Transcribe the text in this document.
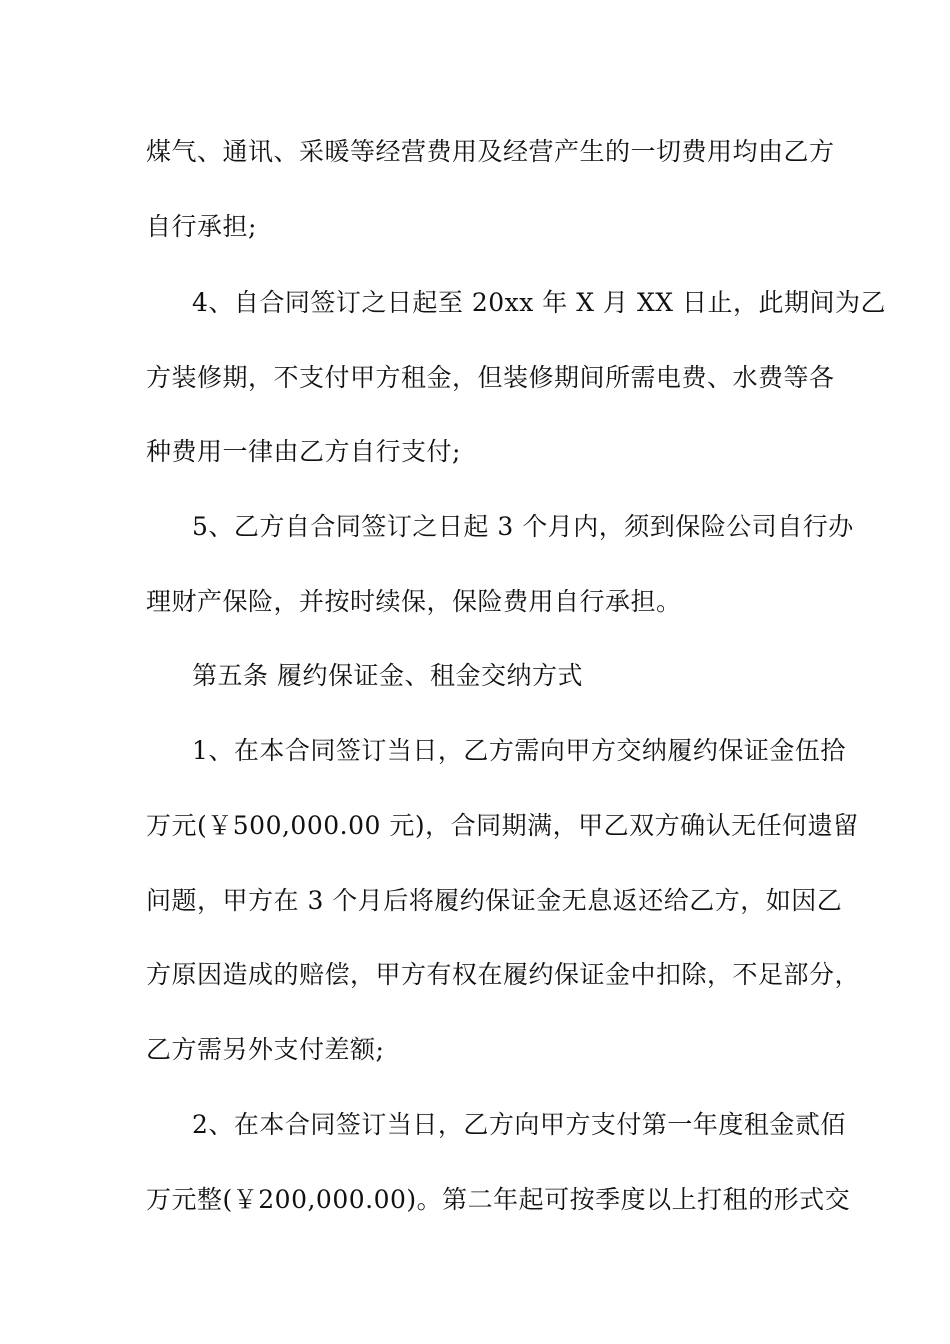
煤气、通讯、采暖等经营费用及经营产生的一切费用均由乙方
自行承担;
4、自合同签订之日起至 20xx 年 X 月 XX 日止，此期间为乙
方装修期，不支付甲方租金，但装修期间所需电费、水费等各
种费用一律由乙方自行支付;
5、乙方自合同签订之日起 3 个月内，须到保险公司自行办
理财产保险，并按时续保，保险费用自行承担。
第五条 履约保证金、租金交纳方式
1、在本合同签订当日，乙方需向甲方交纳履约保证金伍拾
万元(￥500,000.00 元)，合同期满，甲乙双方确认无任何遗留
问题，甲方在 3 个月后将履约保证金无息返还给乙方，如因乙
方原因造成的赔偿，甲方有权在履约保证金中扣除，不足部分，
乙方需另外支付差额;
2、在本合同签订当日，乙方向甲方支付第一年度租金贰佰
万元整(￥200,000.00)。第二年起可按季度以上打租的形式交
